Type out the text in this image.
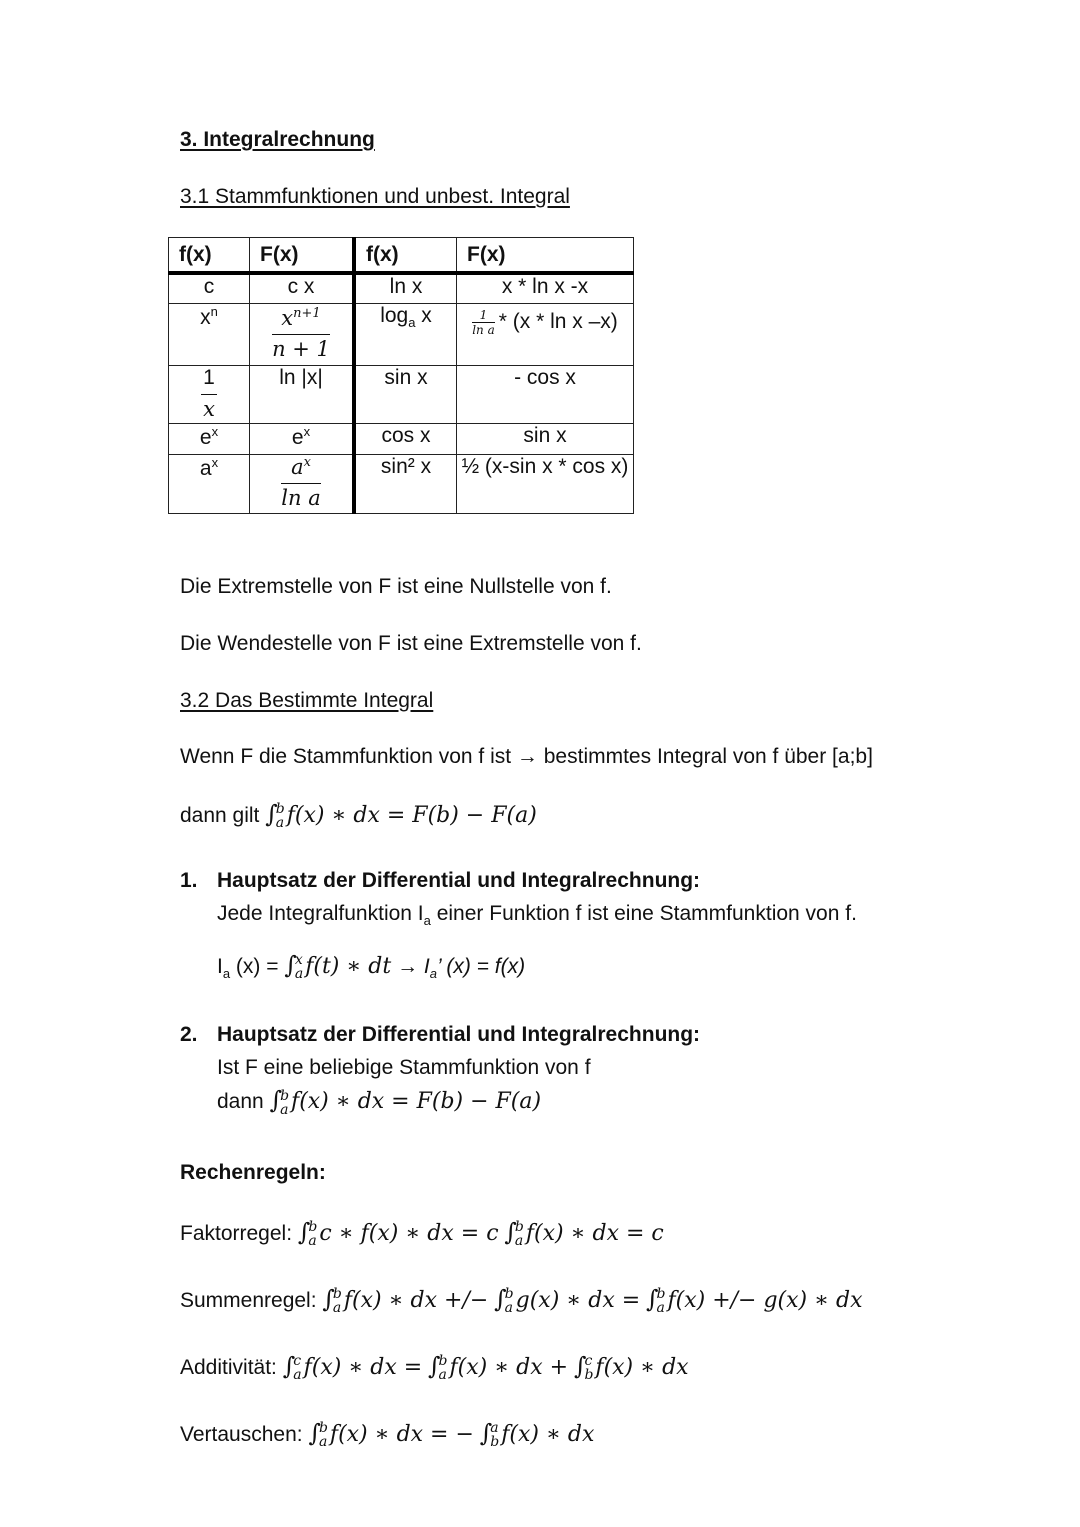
3. Integralrechnung
3.1 Stammfunktionen und unbest. Integral
f(x)	F(x)	f(x)	F(x)
c	c x	ln x	x * ln x -x
$x^n$	$\frac{x^{n+1}}{n + 1}$	$\log_a x$	$\frac{1}{\text{ln a}} * (x$ * ln x –x)

$\frac{1}{x}$	ln |x|	sin x	- cos x
$e^x$	$e^x$	cos x	sin x
$a^x$	$\frac{a^x}{\text{ln a}}$	sin² x	½ (x-sin x * cos x)
Die Extremstelle von F ist eine Nullstelle von f.
Die Wendestelle von F ist eine Extremstelle von f.
3.2 Das Bestimmte Integral
Wenn F die Stammfunktion von f ist → bestimmtes Integral von f über [a;b]
dann gilt ∫
b
a f(x) ∗ dx = F(b) − F(a)
1. Hauptsatz der Differential und Integralrechnung:
Jede Integralfunktion $I_a$ einer Funktion f ist eine Stammfunktion von f.
$I_a$ (x) = ∫
x
a f(t) ∗ dt → $I_a$’ (x) = f(x)
2. Hauptsatz der Differential und Integralrechnung:
Ist F eine beliebige Stammfunktion von f
dann ∫
b
a f(x) ∗ dx = F(b) − F(a)
Rechenregeln:
Faktorregel: ∫
b
a c ∗ f(x) ∗ dx = c ∫
b
a f(x) ∗ dx = c
Summenregel: ∫
b
a f(x) ∗ dx +/− ∫
b
a g(x) ∗ dx = ∫
b
a f(x) +/− g(x) ∗ dx
Additivität: ∫
c
a f(x) ∗ dx = ∫
b
a f(x) ∗ dx + ∫
c
b f(x) ∗ dx
Vertauschen: ∫
b
a f(x) ∗ dx = − ∫
a
b f(x) ∗ dx
